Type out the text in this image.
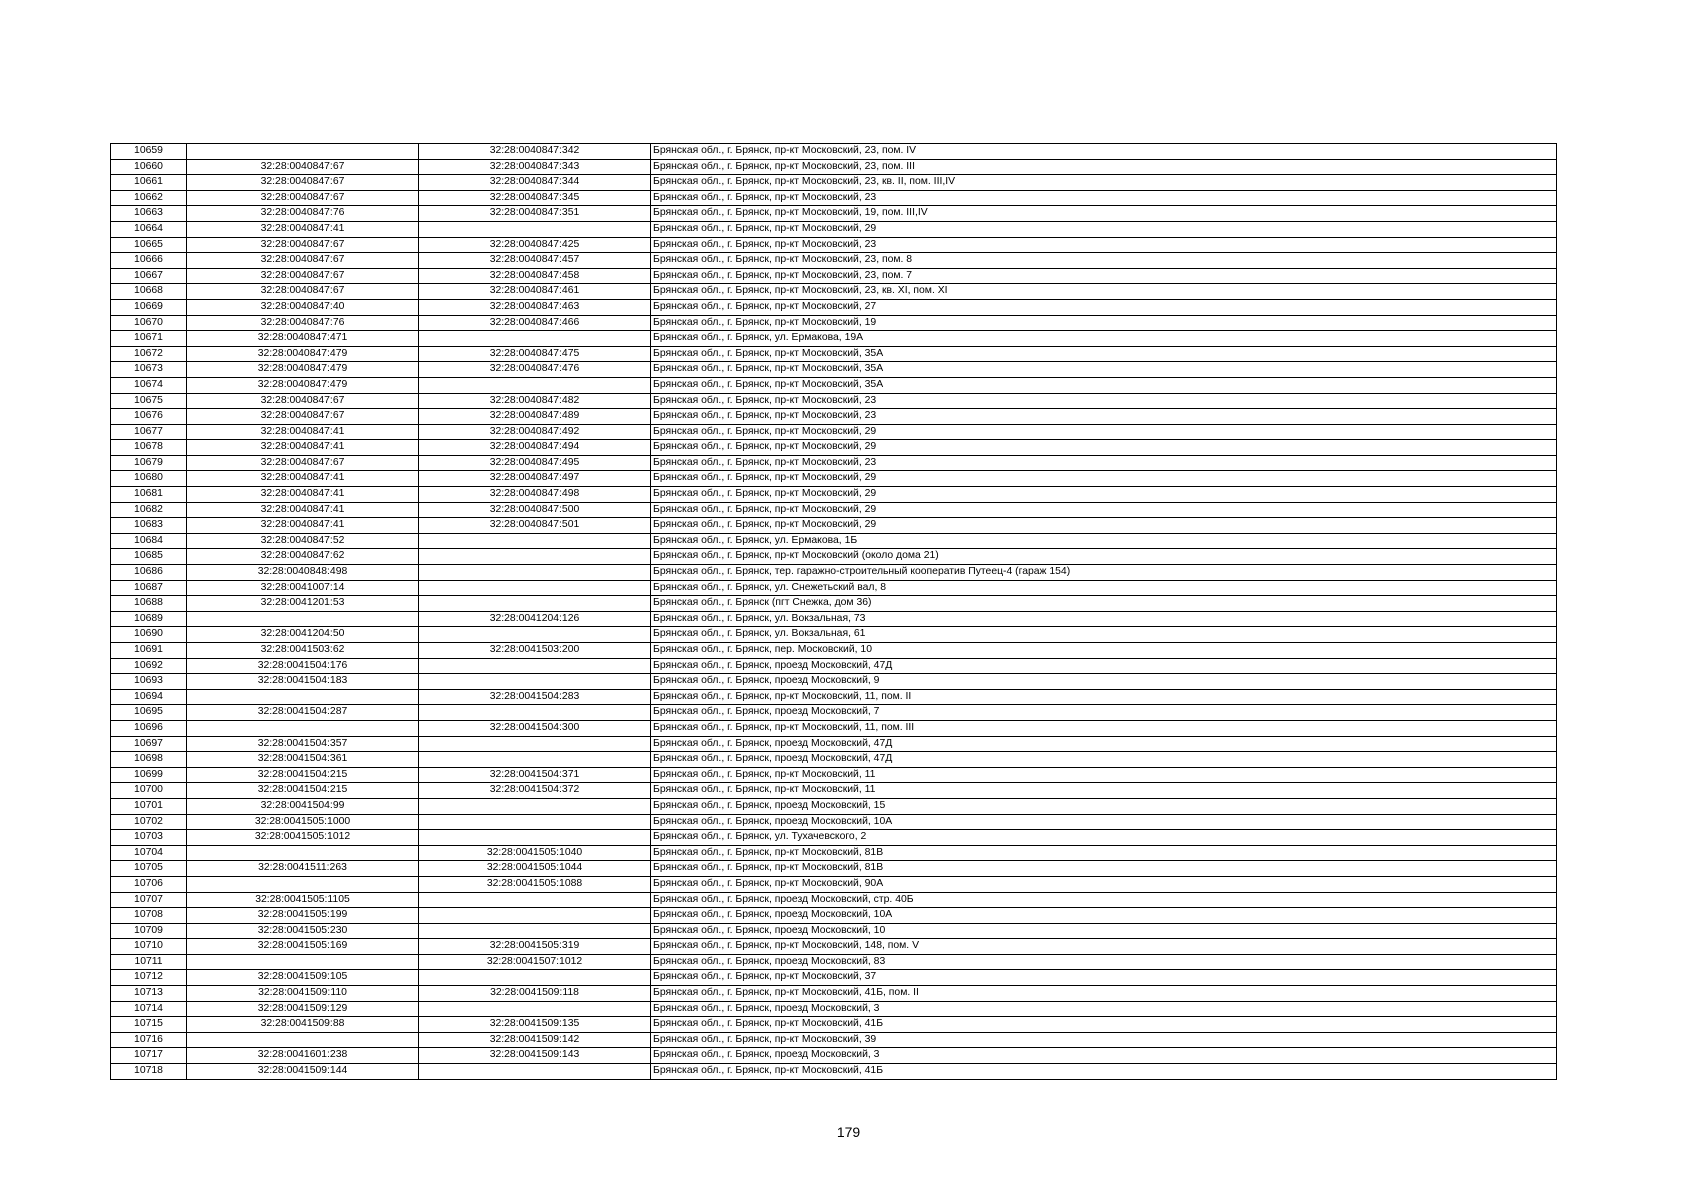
10659		32:28:0040847:342	Брянская обл., г. Брянск, пр-кт Московский, 23, пом. IV
10660	32:28:0040847:67	32:28:0040847:343	Брянская обл., г. Брянск, пр-кт Московский, 23, пом. III
10661	32:28:0040847:67	32:28:0040847:344	Брянская обл., г. Брянск, пр-кт Московский, 23, кв. II, пом. III,IV
10662	32:28:0040847:67	32:28:0040847:345	Брянская обл., г. Брянск, пр-кт Московский, 23
10663	32:28:0040847:76	32:28:0040847:351	Брянская обл., г. Брянск, пр-кт Московский, 19, пом. III,IV
10664	32:28:0040847:41		Брянская обл., г. Брянск, пр-кт Московский, 29
10665	32:28:0040847:67	32:28:0040847:425	Брянская обл., г. Брянск, пр-кт Московский, 23
10666	32:28:0040847:67	32:28:0040847:457	Брянская обл., г. Брянск, пр-кт Московский, 23, пом. 8
10667	32:28:0040847:67	32:28:0040847:458	Брянская обл., г. Брянск, пр-кт Московский, 23, пом. 7
10668	32:28:0040847:67	32:28:0040847:461	Брянская обл., г. Брянск, пр-кт Московский, 23, кв. XI, пом. XI
10669	32:28:0040847:40	32:28:0040847:463	Брянская обл., г. Брянск, пр-кт Московский, 27
10670	32:28:0040847:76	32:28:0040847:466	Брянская обл., г. Брянск, пр-кт Московский, 19
10671	32:28:0040847:471		Брянская обл., г. Брянск, ул. Ермакова, 19А
10672	32:28:0040847:479	32:28:0040847:475	Брянская обл., г. Брянск, пр-кт Московский, 35А
10673	32:28:0040847:479	32:28:0040847:476	Брянская обл., г. Брянск, пр-кт Московский, 35А
10674	32:28:0040847:479		Брянская обл., г. Брянск, пр-кт Московский, 35А
10675	32:28:0040847:67	32:28:0040847:482	Брянская обл., г. Брянск, пр-кт Московский, 23
10676	32:28:0040847:67	32:28:0040847:489	Брянская обл., г. Брянск, пр-кт Московский, 23
10677	32:28:0040847:41	32:28:0040847:492	Брянская обл., г. Брянск, пр-кт Московский, 29
10678	32:28:0040847:41	32:28:0040847:494	Брянская обл., г. Брянск, пр-кт Московский, 29
10679	32:28:0040847:67	32:28:0040847:495	Брянская обл., г. Брянск, пр-кт Московский, 23
10680	32:28:0040847:41	32:28:0040847:497	Брянская обл., г. Брянск, пр-кт Московский, 29
10681	32:28:0040847:41	32:28:0040847:498	Брянская обл., г. Брянск, пр-кт Московский, 29
10682	32:28:0040847:41	32:28:0040847:500	Брянская обл., г. Брянск, пр-кт Московский, 29
10683	32:28:0040847:41	32:28:0040847:501	Брянская обл., г. Брянск, пр-кт Московский, 29
10684	32:28:0040847:52		Брянская обл., г. Брянск, ул. Ермакова, 1Б
10685	32:28:0040847:62		Брянская обл., г. Брянск, пр-кт Московский (около дома 21)
10686	32:28:0040848:498		Брянская обл., г. Брянск, тер. гаражно-строительный кооператив Путеец-4 (гараж 154)
10687	32:28:0041007:14		Брянская обл., г. Брянск, ул. Снежетьский вал, 8
10688	32:28:0041201:53		Брянская обл., г. Брянск (пгт Снежка, дом 36)
10689		32:28:0041204:126	Брянская обл., г. Брянск, ул. Вокзальная, 73
10690	32:28:0041204:50		Брянская обл., г. Брянск, ул. Вокзальная, 61
10691	32:28:0041503:62	32:28:0041503:200	Брянская обл., г. Брянск, пер. Московский, 10
10692	32:28:0041504:176		Брянская обл., г. Брянск, проезд Московский, 47Д
10693	32:28:0041504:183		Брянская обл., г. Брянск, проезд Московский, 9
10694		32:28:0041504:283	Брянская обл., г. Брянск, пр-кт Московский, 11, пом. II
10695	32:28:0041504:287		Брянская обл., г. Брянск, проезд Московский, 7
10696		32:28:0041504:300	Брянская обл., г. Брянск, пр-кт Московский, 11, пом. III
10697	32:28:0041504:357		Брянская обл., г. Брянск, проезд Московский, 47Д
10698	32:28:0041504:361		Брянская обл., г. Брянск, проезд Московский, 47Д
10699	32:28:0041504:215	32:28:0041504:371	Брянская обл., г. Брянск, пр-кт Московский, 11
10700	32:28:0041504:215	32:28:0041504:372	Брянская обл., г. Брянск, пр-кт Московский, 11
10701	32:28:0041504:99		Брянская обл., г. Брянск, проезд Московский, 15
10702	32:28:0041505:1000		Брянская обл., г. Брянск, проезд Московский, 10А
10703	32:28:0041505:1012		Брянская обл., г. Брянск, ул. Тухачевского, 2
10704		32:28:0041505:1040	Брянская обл., г. Брянск, пр-кт Московский, 81В
10705	32:28:0041511:263	32:28:0041505:1044	Брянская обл., г. Брянск, пр-кт Московский, 81В
10706		32:28:0041505:1088	Брянская обл., г. Брянск, пр-кт Московский, 90А
10707	32:28:0041505:1105		Брянская обл., г. Брянск, проезд Московский, стр. 40Б
10708	32:28:0041505:199		Брянская обл., г. Брянск, проезд Московский, 10А
10709	32:28:0041505:230		Брянская обл., г. Брянск, проезд Московский, 10
10710	32:28:0041505:169	32:28:0041505:319	Брянская обл., г. Брянск, пр-кт Московский, 148, пом. V
10711		32:28:0041507:1012	Брянская обл., г. Брянск, проезд Московский, 83
10712	32:28:0041509:105		Брянская обл., г. Брянск, пр-кт Московский, 37
10713	32:28:0041509:110	32:28:0041509:118	Брянская обл., г. Брянск, пр-кт Московский, 41Б, пом. II
10714	32:28:0041509:129		Брянская обл., г. Брянск, проезд Московский, 3
10715	32:28:0041509:88	32:28:0041509:135	Брянская обл., г. Брянск, пр-кт Московский, 41Б
10716		32:28:0041509:142	Брянская обл., г. Брянск, пр-кт Московский, 39
10717	32:28:0041601:238	32:28:0041509:143	Брянская обл., г. Брянск, проезд Московский, 3
10718	32:28:0041509:144		Брянская обл., г. Брянск, пр-кт Московский, 41Б
179
